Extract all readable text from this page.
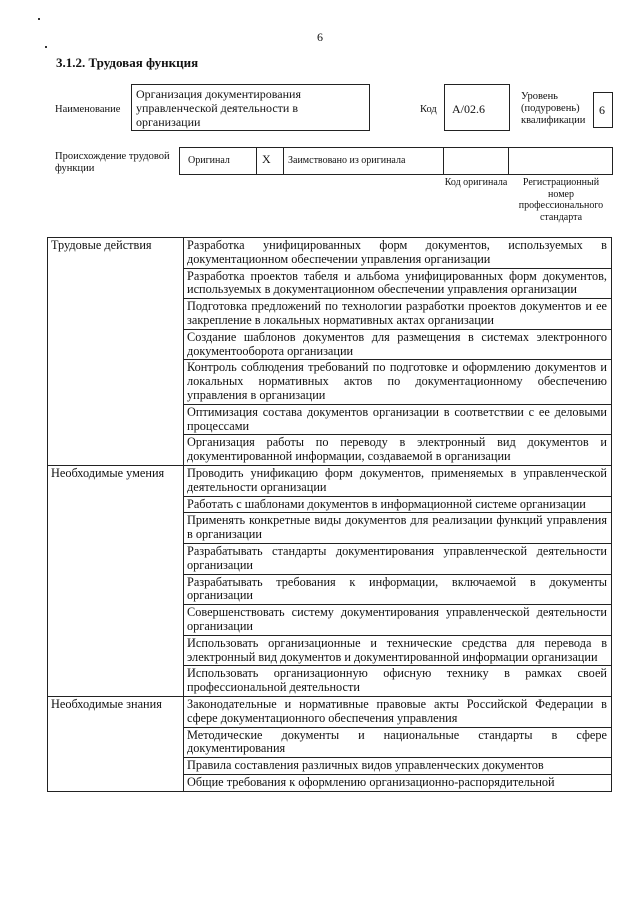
6
3.1.2. Трудовая функция
Наименование
Организация документирования управленческой деятельности в организации
Код	A/02.6
Уровень (подуровень) квалификации
6
Происхождение трудовой функции
Оригинал	X Заимствовано из оригинала
Код оригинала	Регистрационный номер профессионального стандарта
Трудовые действия	Разработка унифицированных форм документов, используемых в документационном обеспечении управления организации
	Разработка проектов табеля и альбома унифицированных форм документов, используемых в документационном обеспечении управления организации
	Подготовка предложений по технологии разработки проектов документов и ее закрепление в локальных нормативных актах организации
	Создание шаблонов документов для размещения в системах электронного документооборота организации
	Контроль соблюдения требований по подготовке и оформлению документов и локальных нормативных актов по документационному обеспечению управления в организации
	Оптимизация состава документов организации в соответствии с ее деловыми процессами
	Организация работы по переводу в электронный вид документов и документированной информации, создаваемой в организации
Необходимые умения	Проводить унификацию форм документов, применяемых в управленческой деятельности организации
	Работать с шаблонами документов в информационной системе организации
	Применять конкретные виды документов для реализации функций управления в организации
	Разрабатывать стандарты документирования управленческой деятельности организации
	Разрабатывать требования к информации, включаемой в документы организации
	Совершенствовать систему документирования управленческой деятельности организации
	Использовать организационные и технические средства для перевода в электронный вид документов и документированной информации организации
	Использовать организационную офисную технику в рамках своей профессиональной деятельности
Необходимые знания	Законодательные и нормативные правовые акты Российской Федерации в сфере документационного обеспечения управления
	Методические документы и национальные стандарты в сфере документирования
	Правила составления различных видов управленческих документов
	Общие требования к оформлению организационно-распорядительной
